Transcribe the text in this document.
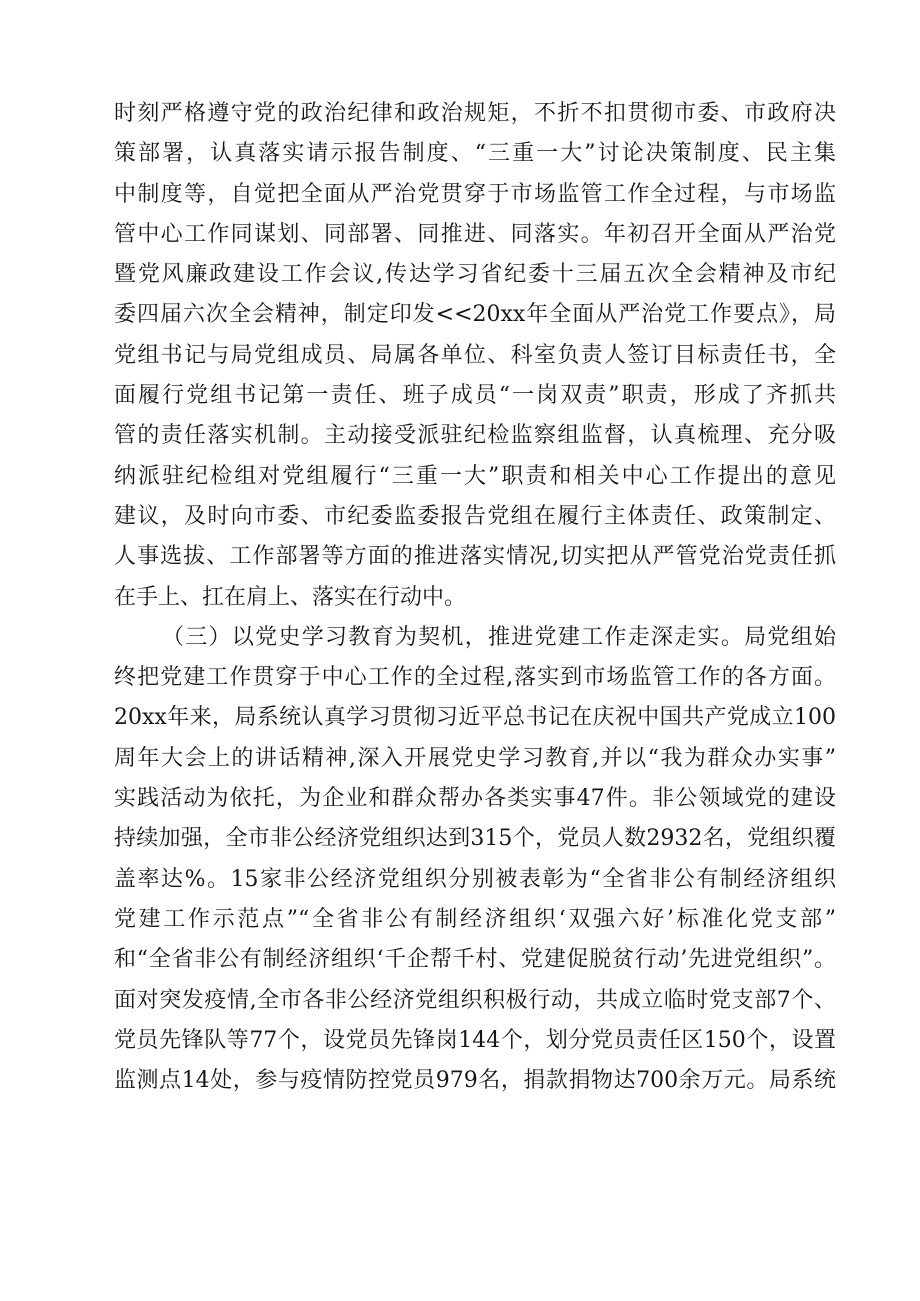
时刻严格遵守党的政治纪律和政治规矩，不折不扣贯彻市委、市政府决
策部署，认真落实请示报告制度、“三重一大”讨论决策制度、民主集
中制度等，自觉把全面从严治党贯穿于市场监管工作全过程，与市场监
管中心工作同谋划、同部署、同推进、同落实。年初召开全面从严治党
暨党风廉政建设工作会议,传达学习省纪委十三届五次全会精神及市纪
委四届六次全会精神，制定印发<<20xx年全面从严治党工作要点》，局
党组书记与局党组成员、局属各单位、科室负责人签订目标责任书，全
面履行党组书记第一责任、班子成员“一岗双责”职责，形成了齐抓共
管的责任落实机制。主动接受派驻纪检监察组监督，认真梳理、充分吸
纳派驻纪检组对党组履行“三重一大”职责和相关中心工作提出的意见
建议，及时向市委、市纪委监委报告党组在履行主体责任、政策制定、
人事选拔、工作部署等方面的推进落实情况,切实把从严管党治党责任抓
在手上、扛在肩上、落实在行动中。
（三）以党史学习教育为契机，推进党建工作走深走实。局党组始
终把党建工作贯穿于中心工作的全过程,落实到市场监管工作的各方面。
20xx年来，局系统认真学习贯彻习近平总书记在庆祝中国共产党成立100
周年大会上的讲话精神,深入开展党史学习教育,并以“我为群众办实事”
实践活动为依托，为企业和群众帮办各类实事47件。非公领域党的建设
持续加强，全市非公经济党组织达到315个，党员人数2932名，党组织覆
盖率达%。15家非公经济党组织分别被表彰为“全省非公有制经济组织
党建工作示范点”“全省非公有制经济组织‘双强六好’标准化党支部”
和“全省非公有制经济组织‘千企帮千村、党建促脱贫行动’先进党组织”。
面对突发疫情,全市各非公经济党组织积极行动，共成立临时党支部7个、
党员先锋队等77个，设党员先锋岗144个，划分党员责任区150个，设置
监测点14处，参与疫情防控党员979名，捐款捐物达700余万元。局系统
